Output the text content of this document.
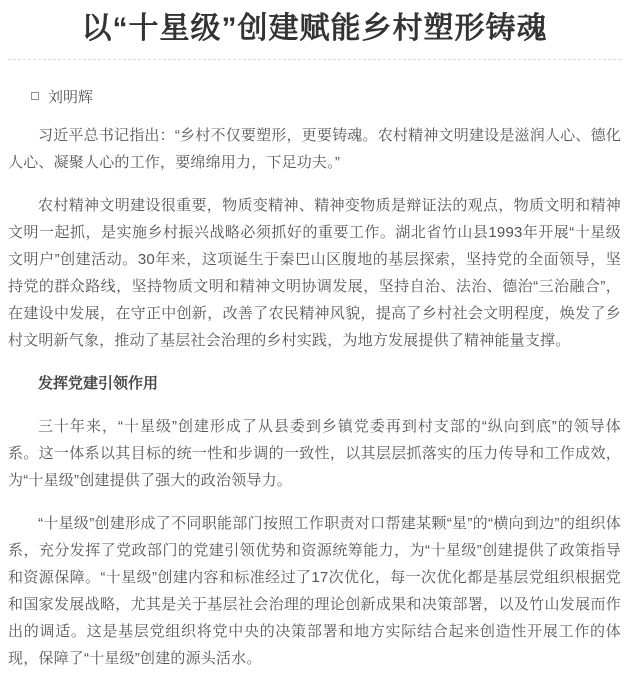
以“十星级”创建赋能乡村塑形铸魂
刘明辉

习近平总书记指出：“乡村不仅要塑形，更要铸魂。农村精神文明建设是滋润人心、德化人心、凝聚人心的工作，要绵绵用力，下足功夫。”

农村精神文明建设很重要，物质变精神、精神变物质是辩证法的观点，物质文明和精神文明一起抓，是实施乡村振兴战略必须抓好的重要工作。湖北省竹山县1993年开展“十星级文明户”创建活动。30年来，这项诞生于秦巴山区腹地的基层探索，坚持党的全面领导，坚持党的群众路线，坚持物质文明和精神文明协调发展，坚持自治、法治、德治“三治融合”，在建设中发展，在守正中创新，改善了农民精神风貌，提高了乡村社会文明程度，焕发了乡村文明新气象，推动了基层社会治理的乡村实践，为地方发展提供了精神能量支撑。

发挥党建引领作用

三十年来，“十星级”创建形成了从县委到乡镇党委再到村支部的“纵向到底”的领导体系。这一体系以其目标的统一性和步调的一致性，以其层层抓落实的压力传导和工作成效，为“十星级”创建提供了强大的政治领导力。

“十星级”创建形成了不同职能部门按照工作职责对口帮建某颗“星”的“横向到边”的组织体系，充分发挥了党政部门的党建引领优势和资源统筹能力，为“十星级”创建提供了政策指导和资源保障。“十星级”创建内容和标准经过了17次优化，每一次优化都是基层党组织根据党和国家发展战略，尤其是关于基层社会治理的理论创新成果和决策部署，以及竹山发展而作出的调适。这是基层党组织将党中央的决策部署和地方实际结合起来创造性开展工作的体现，保障了“十星级”创建的源头活水。
